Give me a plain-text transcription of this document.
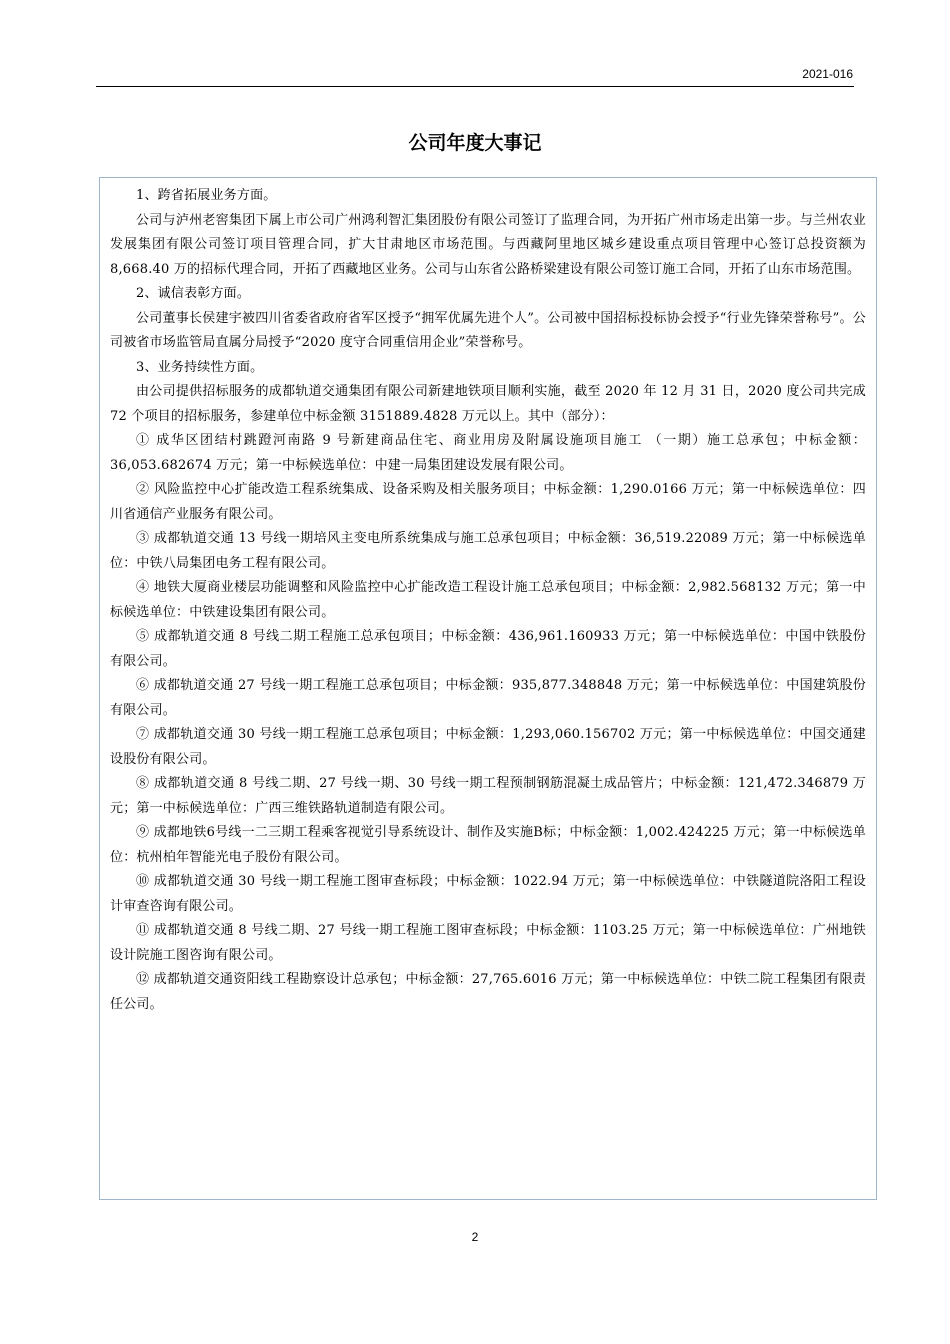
2021-016
公司年度大事记

1、跨省拓展业务方面。

公司与泸州老窖集团下属上市公司广州鸿利智汇集团股份有限公司签订了监理合同，为开拓广州市场走出第一步。与兰州农业发展集团有限公司签订项目管理合同，扩大甘肃地区市场范围。与西藏阿里地区城乡建设重点项目管理中心签订总投资额为 8,668.40 万的招标代理合同，开拓了西藏地区业务。公司与山东省公路桥梁建设有限公司签订施工合同，开拓了山东市场范围。

2、诚信表彰方面。

公司董事长侯建宇被四川省委省政府省军区授予“拥军优属先进个人”。公司被中国招标投标协会授予“行业先锋荣誉称号”。公司被省市场监管局直属分局授予“2020 度守合同重信用企业”荣誉称号。

3、业务持续性方面。

由公司提供招标服务的成都轨道交通集团有限公司新建地铁项目顺利实施，截至 2020 年 12 月 31 日，2020 度公司共完成 72 个项目的招标服务，参建单位中标金额 3151889.4828 万元以上。其中（部分）：

① 成华区团结村跳蹬河南路 9 号新建商品住宅、商业用房及附属设施项目施工 （一期）施工总承包；中标金额：36,053.682674 万元；第一中标候选单位：中建一局集团建设发展有限公司。

② 风险监控中心扩能改造工程系统集成、设备采购及相关服务项目；中标金额：1,290.0166 万元；第一中标候选单位：四川省通信产业服务有限公司。

③ 成都轨道交通 13 号线一期培风主变电所系统集成与施工总承包项目；中标金额：36,519.22089 万元；第一中标候选单位：中铁八局集团电务工程有限公司。

④ 地铁大厦商业楼层功能调整和风险监控中心扩能改造工程设计施工总承包项目；中标金额：2,982.568132 万元；第一中标候选单位：中铁建设集团有限公司。

⑤ 成都轨道交通 8 号线二期工程施工总承包项目；中标金额：436,961.160933 万元；第一中标候选单位：中国中铁股份有限公司。

⑥ 成都轨道交通 27 号线一期工程施工总承包项目；中标金额：935,877.348848 万元；第一中标候选单位：中国建筑股份有限公司。

⑦ 成都轨道交通 30 号线一期工程施工总承包项目；中标金额：1,293,060.156702 万元；第一中标候选单位：中国交通建设股份有限公司。

⑧ 成都轨道交通 8 号线二期、27 号线一期、30 号线一期工程预制钢筋混凝土成品管片；中标金额：121,472.346879 万元；第一中标候选单位：广西三维铁路轨道制造有限公司。

⑨ 成都地铁6号线一二三期工程乘客视觉引导系统设计、制作及实施B标；中标金额：1,002.424225 万元；第一中标候选单位：杭州柏年智能光电子股份有限公司。

⑩ 成都轨道交通 30 号线一期工程施工图审查标段；中标金额：1022.94 万元；第一中标候选单位：中铁隧道院洛阳工程设计审查咨询有限公司。

⑪ 成都轨道交通 8 号线二期、27 号线一期工程施工图审查标段；中标金额：1103.25 万元；第一中标候选单位：广州地铁设计院施工图咨询有限公司。

⑫ 成都轨道交通资阳线工程勘察设计总承包；中标金额：27,765.6016 万元；第一中标候选单位：中铁二院工程集团有限责任公司。

2
